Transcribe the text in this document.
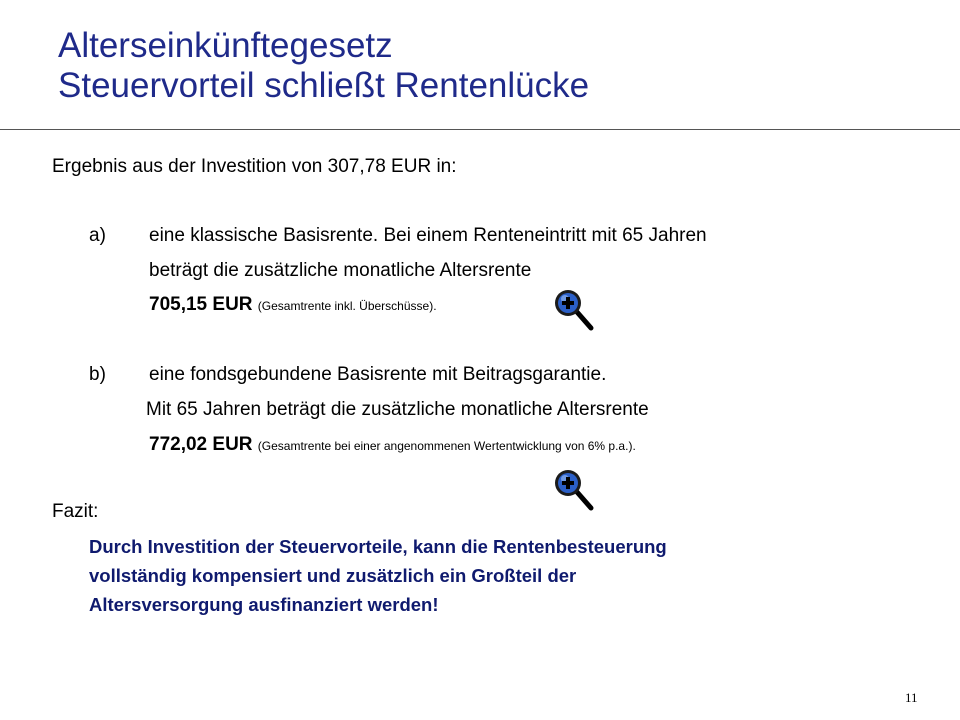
Alterseinkünftegesetz
Steuervorteil schließt Rentenlücke
Ergebnis aus der Investition von 307,78 EUR in:
a) eine klassische Basisrente. Bei einem Renteneintritt mit 65 Jahren
beträgt die zusätzliche monatliche Altersrente
705,15 EUR (Gesamtrente inkl. Überschüsse).
b) eine fondsgebundene Basisrente mit Beitragsgarantie.
Mit 65 Jahren beträgt die zusätzliche monatliche Altersrente
772,02 EUR (Gesamtrente bei einer angenommenen Wertentwicklung von 6% p.a.).
Fazit:
Durch Investition der Steuervorteile, kann die Rentenbesteuerung
vollständig kompensiert und zusätzlich ein Großteil der
Altersversorgung ausfinanziert werden!
11
